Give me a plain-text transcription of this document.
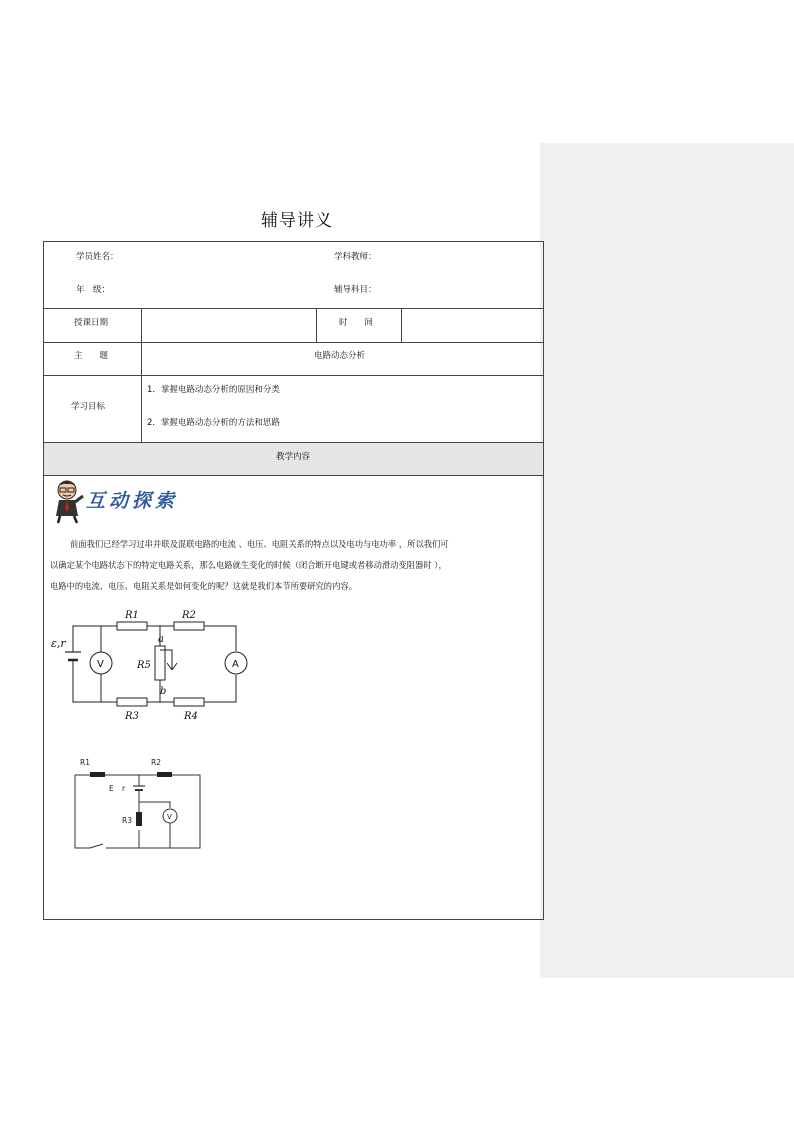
辅导讲义
学员姓名：	学科教师：
年　级：	辅导科目：
授课日期	时　　间
主　　题	电路动态分析
学习目标
1．掌握电路动态分析的原因和分类
2．掌握电路动态分析的方法和思路
教学内容
互动探索
前面我们已经学习过串并联及混联电路的电流 、电压、电阻关系的特点以及电功与电功率 ，所以我们可
以确定某个电路状态下的特定电路关系，那么电路就生变化的时候（闭合断开电键或者移动滑动变阻器时 ），
电路中的电流、电压、电阻关系是如何变化的呢？这就是我们本节所要研究的内容。
R1	R2
R3	R4
R5
a
b
ε,r
V	A
R1	R2
E r
R3	V
